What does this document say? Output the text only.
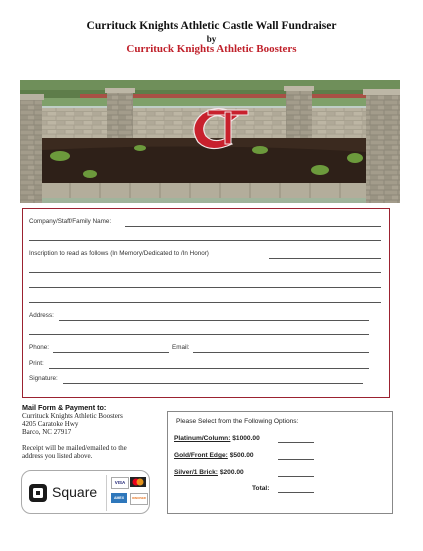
Currituck Knights Athletic Castle Wall Fundraiser
by
Currituck Knights Athletic Boosters
Company/Staff/Family Name:
Inscription to read as follows (In Memory/Dedicated to /In Honor)
Address:
Phone:	Email:
Print:
Signature:
Mail Form & Payment to:
Currituck Knights Athletic Boosters
4205 Caratoke Hwy
Barco, NC 27917
Receipt will be mailed/emailed to the
address you listed above.
Square
VISA
AMEX	DISCOVER
Please Select from the Following Options:
Platinum/Column: $1000.00
Gold/Front Edge: $500.00
Silver/1 Brick: $200.00
Total:
